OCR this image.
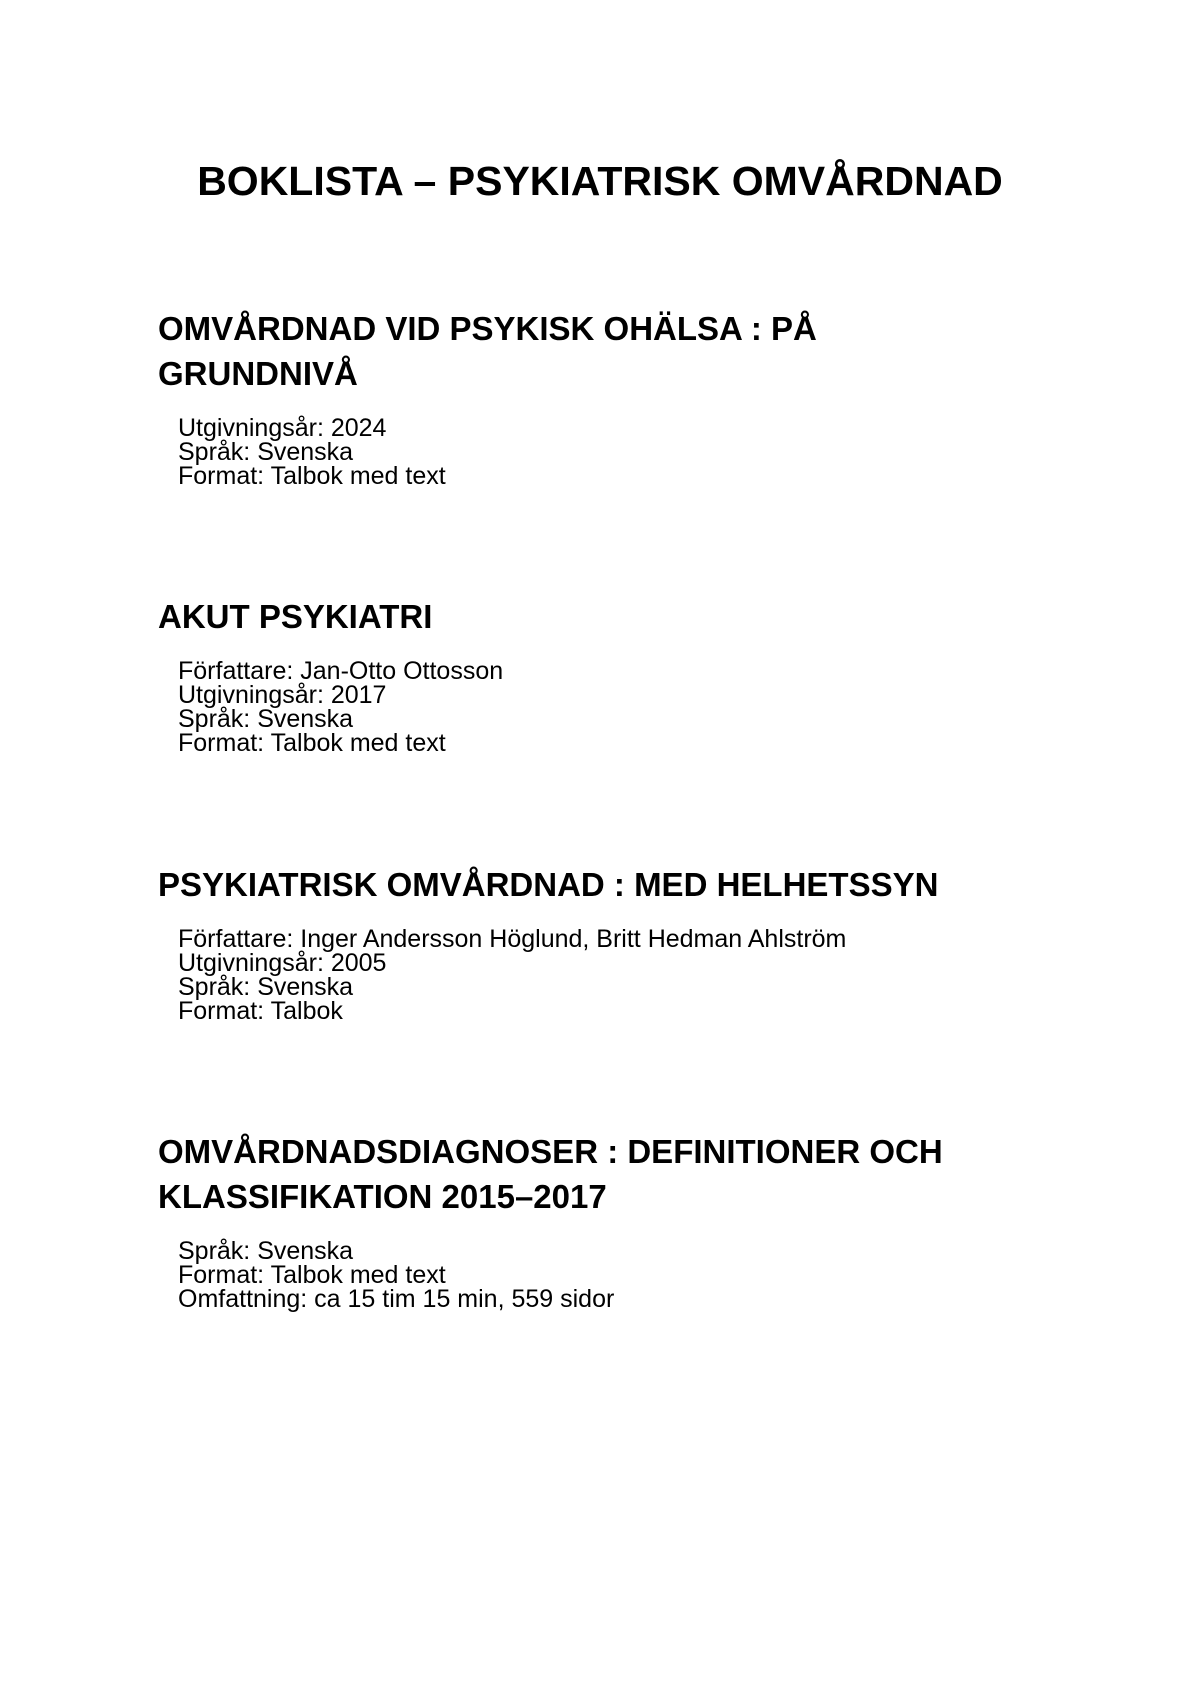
BOKLISTA – PSYKIATRISK OMVÅRDNAD
OMVÅRDNAD VID PSYKISK OHÄLSA : PÅ
GRUNDNIVÅ
Utgivningsår: 2024
Språk: Svenska
Format: Talbok med text
AKUT PSYKIATRI
Författare: Jan-Otto Ottosson
Utgivningsår: 2017
Språk: Svenska
Format: Talbok med text
PSYKIATRISK OMVÅRDNAD : MED HELHETSSYN
Författare: Inger Andersson Höglund, Britt Hedman Ahlström
Utgivningsår: 2005
Språk: Svenska
Format: Talbok
OMVÅRDNADSDIAGNOSER : DEFINITIONER OCH
KLASSIFIKATION 2015–2017
Språk: Svenska
Format: Talbok med text
Omfattning: ca 15 tim 15 min, 559 sidor
